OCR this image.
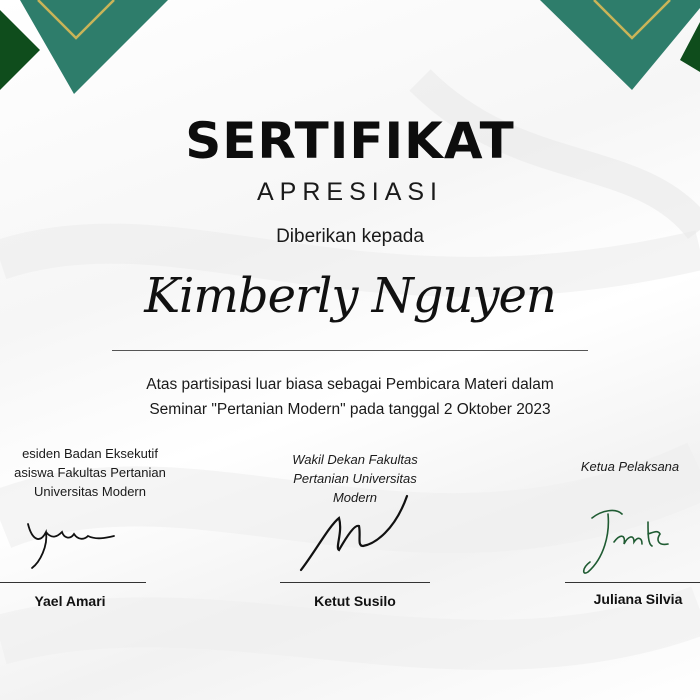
SERTIFIKAT
APRESIASI
Diberikan kepada
Kimberly Nguyen
Atas partisipasi luar biasa sebagai Pembicara Materi dalam
Seminar "Pertanian Modern" pada tanggal 2 Oktober 2023
esiden Badan Eksekutif
asiswa Fakultas Pertanian
Universitas Modern
Yael Amari
Wakil Dekan Fakultas
Pertanian Universitas
Modern
Ketut Susilo
Ketua Pelaksana
Juliana Silvia
